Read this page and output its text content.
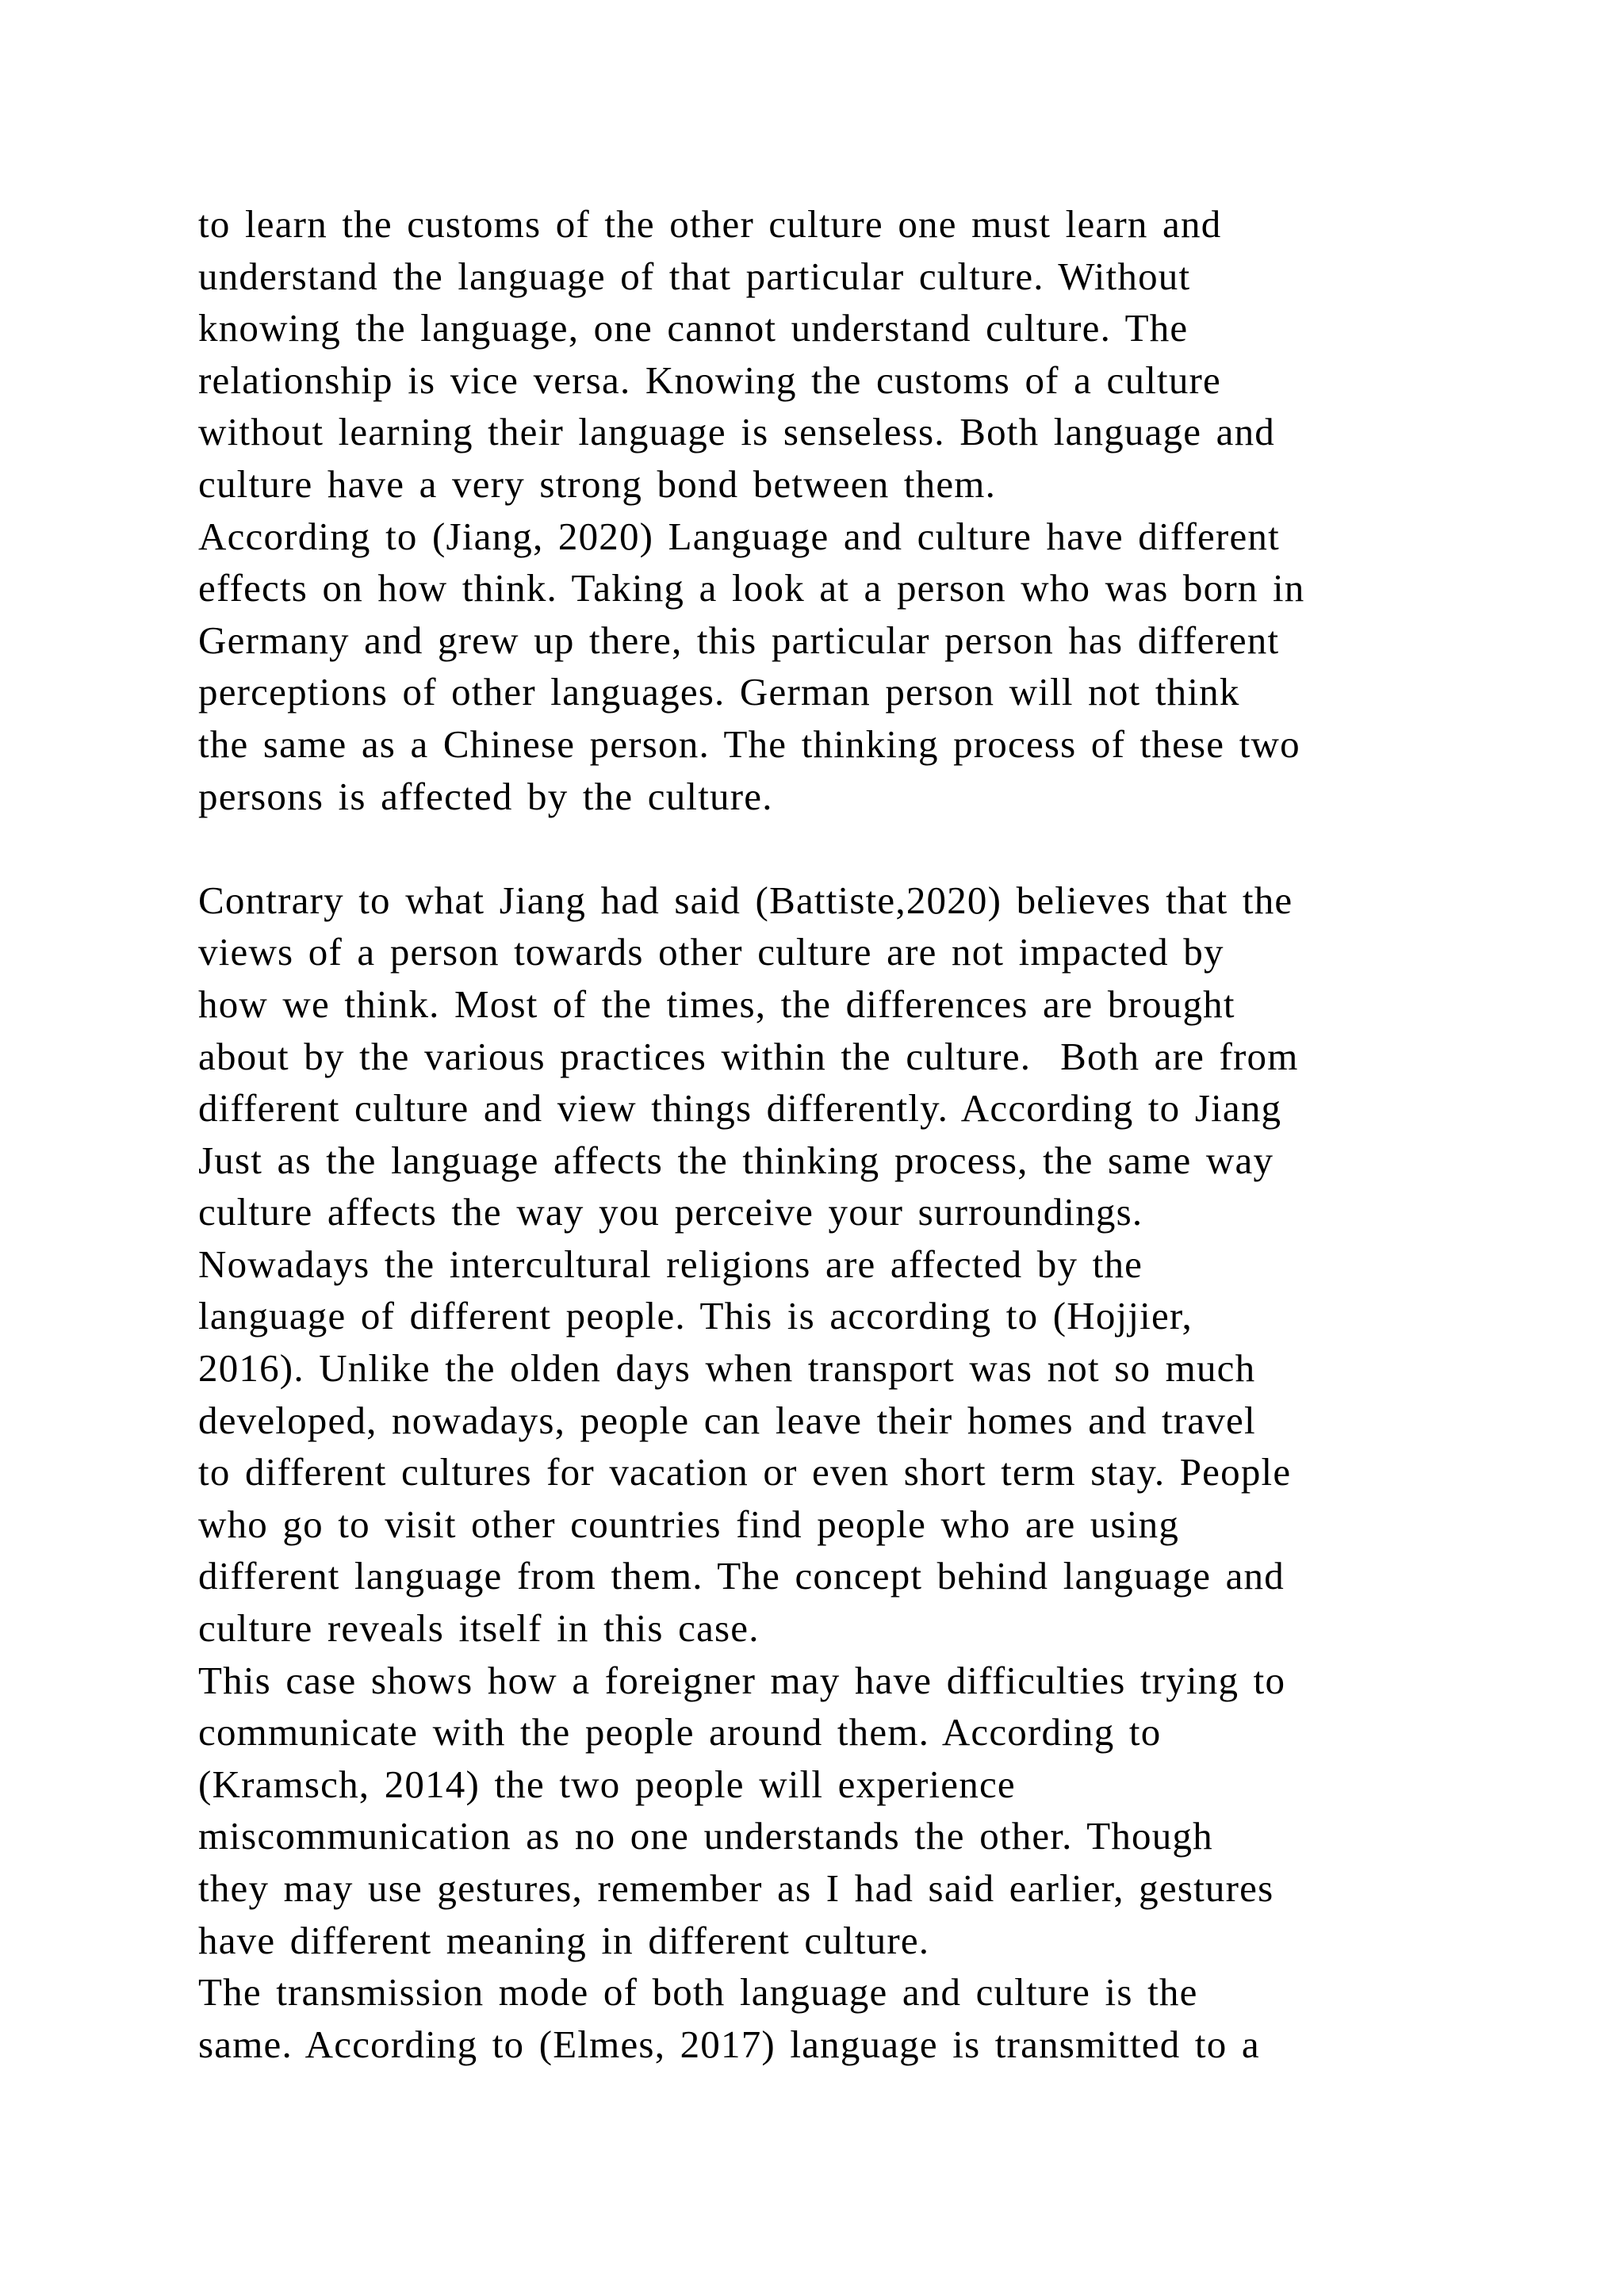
to learn the customs of the other culture one must learn and
understand the language of that particular culture. Without
knowing the language, one cannot understand culture. The
relationship is vice versa. Knowing the customs of a culture
without learning their language is senseless. Both language and
culture have a very strong bond between them.
According to (Jiang, 2020) Language and culture have different
effects on how think. Taking a look at a person who was born in
Germany and grew up there, this particular person has different
perceptions of other languages. German person will not think
the same as a Chinese person. The thinking process of these two
persons is affected by the culture.
Contrary to what Jiang had said (Battiste,2020) believes that the
views of a person towards other culture are not impacted by
how we think. Most of the times, the differences are brought
about by the various practices within the culture.  Both are from
different culture and view things differently. According to Jiang
Just as the language affects the thinking process, the same way
culture affects the way you perceive your surroundings.
Nowadays the intercultural religions are affected by the
language of different people. This is according to (Hojjier,
2016). Unlike the olden days when transport was not so much
developed, nowadays, people can leave their homes and travel
to different cultures for vacation or even short term stay. People
who go to visit other countries find people who are using
different language from them. The concept behind language and
culture reveals itself in this case.
This case shows how a foreigner may have difficulties trying to
communicate with the people around them. According to
(Kramsch, 2014) the two people will experience
miscommunication as no one understands the other. Though
they may use gestures, remember as I had said earlier, gestures
have different meaning in different culture.
The transmission mode of both language and culture is the
same. According to (Elmes, 2017) language is transmitted to a
